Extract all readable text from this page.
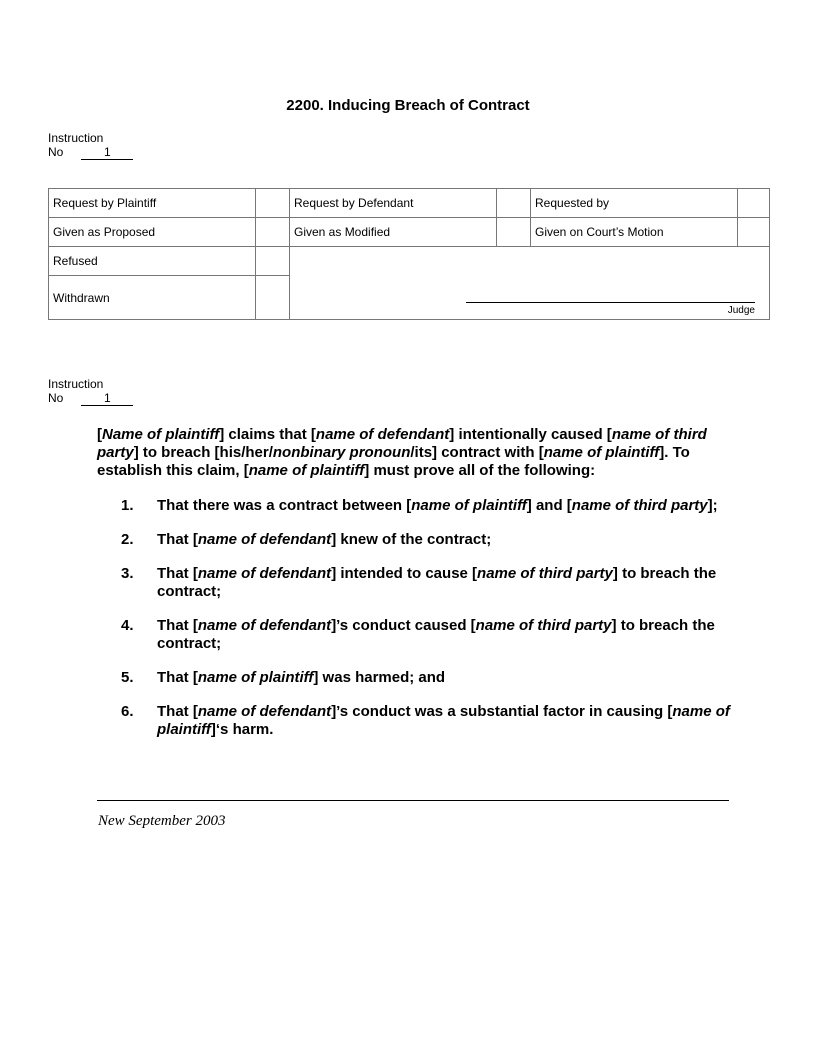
2200. Inducing Breach of Contract
Instruction
No	1
Request by Plaintiff		Request by Defendant		Requested by	
Given as Proposed		Given as Modified		Given on Court’s Motion	
Refused		Judge			

Withdrawn					
Instruction
No	1

[Name of plaintiff] claims that [name of defendant] intentionally caused [name of third party] to breach [his/her/nonbinary pronoun/its] contract with [name of plaintiff]. To establish this claim, [name of plaintiff] must prove all of the following:

1. That there was a contract between [name of plaintiff] and [name of third party];
2. That [name of defendant] knew of the contract;
3. That [name of defendant] intended to cause [name of third party] to breach the contract;
4. That [name of defendant]’s conduct caused [name of third party] to breach the contract;
5. That [name of plaintiff] was harmed; and
6. That [name of defendant]’s conduct was a substantial factor in causing [name of plaintiff]‘s harm.
New September 2003
